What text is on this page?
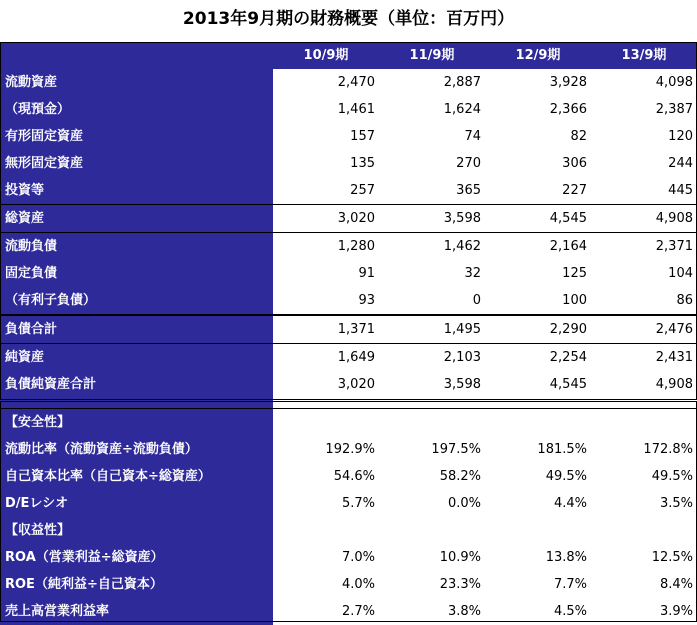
2013年9月期の財務概要（単位：百万円）
	10/9期	11/9期	12/9期	13/9期
流動資産	2,470	2,887	3,928	4,098
（現預金）	1,461	1,624	2,366	2,387
有形固定資産	157	74	82	120
無形固定資産	135	270	306	244
投資等	257	365	227	445
総資産	3,020	3,598	4,545	4,908
流動負債	1,280	1,462	2,164	2,371
固定負債	91	32	125	104
（有利子負債）	93	0	100	86
負債合計	1,371	1,495	2,290	2,476
純資産	1,649	2,103	2,254	2,431
負債純資産合計	3,020	3,598	4,545	4,908

【安全性】				
流動比率（流動資産÷流動負債）	192.9%	197.5%	181.5%	172.8%
自己資本比率（自己資本÷総資産）	54.6%	58.2%	49.5%	49.5%
D/Eレシオ	5.7%	0.0%	4.4%	3.5%
【収益性】				
ROA（営業利益÷総資産）	7.0%	10.9%	13.8%	12.5%
ROE（純利益÷自己資本）	4.0%	23.3%	7.7%	8.4%
売上高営業利益率	2.7%	3.8%	4.5%	3.9%
